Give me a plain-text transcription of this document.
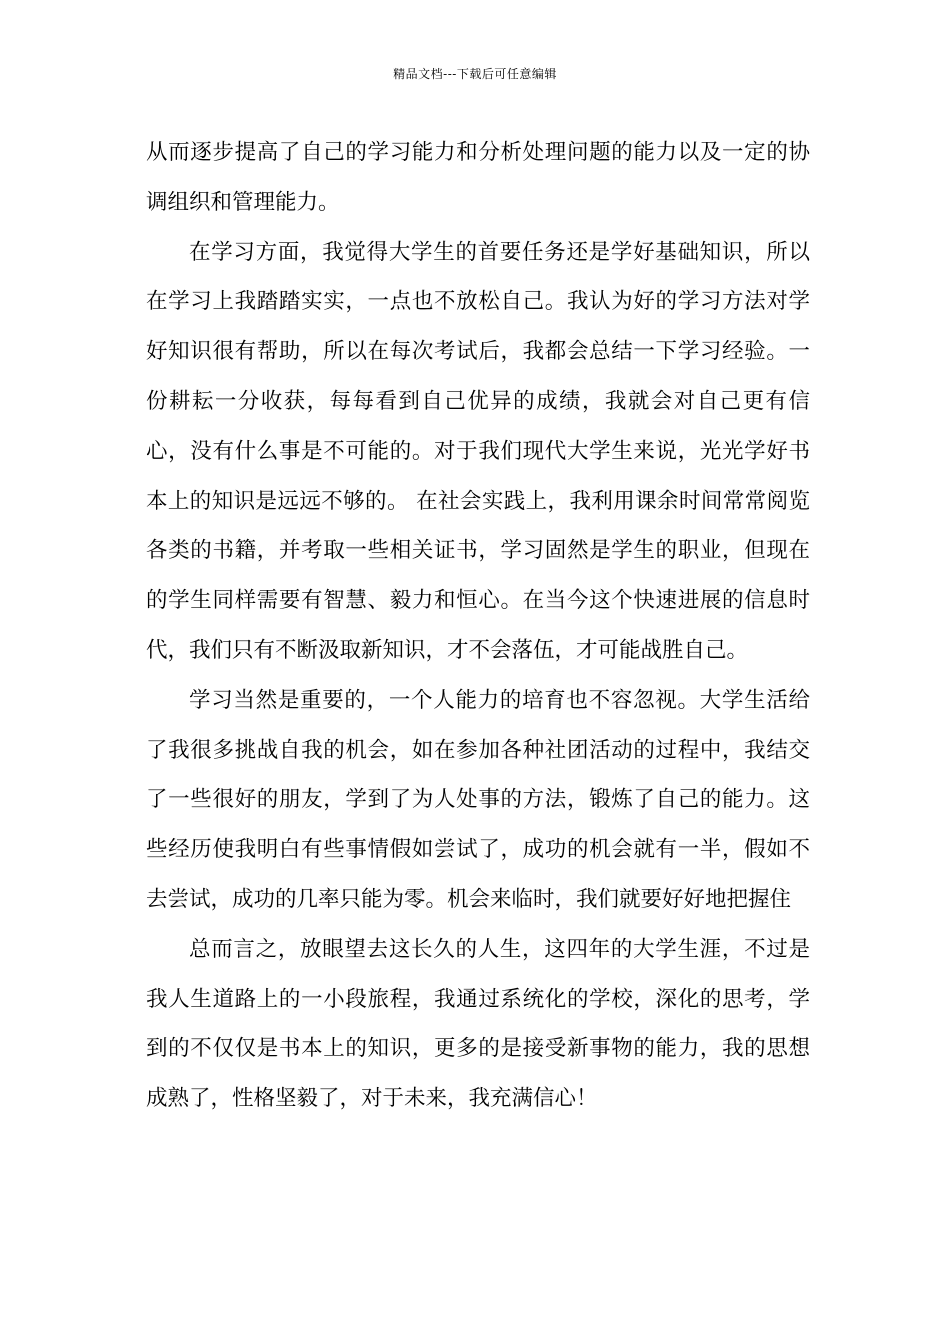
精品文档---下载后可任意编辑

从而逐步提高了自己的学习能力和分析处理问题的能力以及一定的协调组织和管理能力。

在学习方面，我觉得大学生的首要任务还是学好基础知识，所以在学习上我踏踏实实，一点也不放松自己。我认为好的学习方法对学好知识很有帮助，所以在每次考试后，我都会总结一下学习经验。一份耕耘一分收获，每每看到自己优异的成绩，我就会对自己更有信心，没有什么事是不可能的。对于我们现代大学生来说，光光学好书本上的知识是远远不够的。 在社会实践上，我利用课余时间常常阅览各类的书籍，并考取一些相关证书，学习固然是学生的职业，但现在的学生同样需要有智慧、毅力和恒心。在当今这个快速进展的信息时代，我们只有不断汲取新知识，才不会落伍，才可能战胜自己。

学习当然是重要的，一个人能力的培育也不容忽视。大学生活给了我很多挑战自我的机会，如在参加各种社团活动的过程中，我结交了一些很好的朋友，学到了为人处事的方法，锻炼了自己的能力。这些经历使我明白有些事情假如尝试了，成功的机会就有一半，假如不去尝试，成功的几率只能为零。机会来临时，我们就要好好地把握住

总而言之，放眼望去这长久的人生，这四年的大学生涯，不过是我人生道路上的一小段旅程，我通过系统化的学校，深化的思考，学到的不仅仅是书本上的知识，更多的是接受新事物的能力，我的思想成熟了，性格坚毅了，对于未来，我充满信心！
